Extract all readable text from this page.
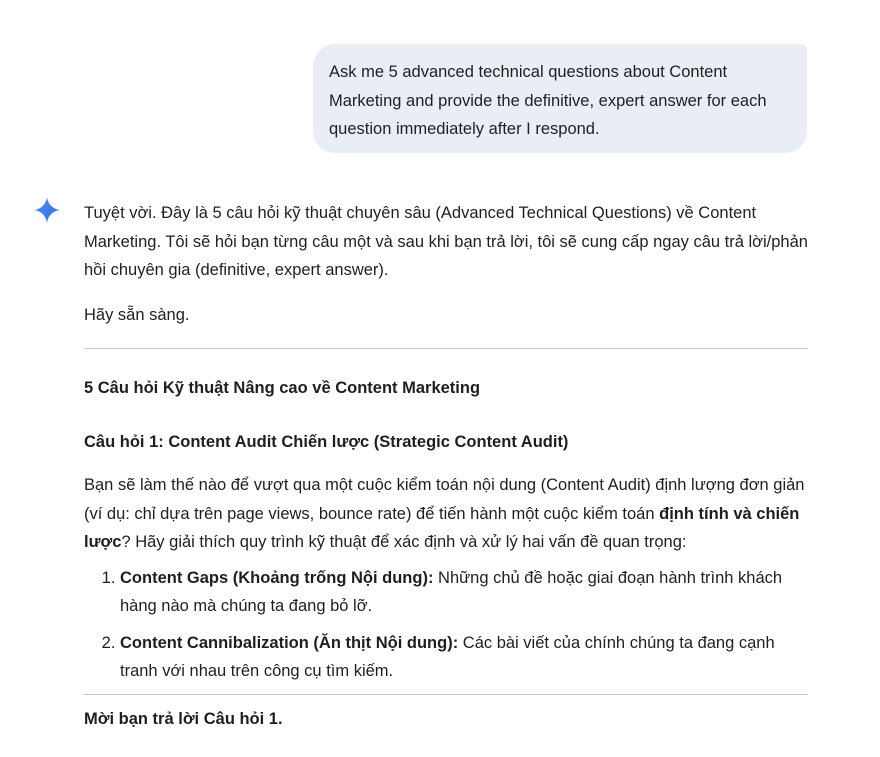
Ask me 5 advanced technical questions about Content Marketing and provide the definitive, expert answer for each question immediately after I respond.

Tuyệt vời. Đây là 5 câu hỏi kỹ thuật chuyên sâu (Advanced Technical Questions) về Content Marketing. Tôi sẽ hỏi bạn từng câu một và sau khi bạn trả lời, tôi sẽ cung cấp ngay câu trả lời/phản hồi chuyên gia (definitive, expert answer).

Hãy sẵn sàng.

5 Câu hỏi Kỹ thuật Nâng cao về Content Marketing

Câu hỏi 1: Content Audit Chiến lược (Strategic Content Audit)

Bạn sẽ làm thế nào để vượt qua một cuộc kiểm toán nội dung (Content Audit) định lượng đơn giản (ví dụ: chỉ dựa trên page views, bounce rate) để tiến hành một cuộc kiểm toán định tính và chiến lược? Hãy giải thích quy trình kỹ thuật để xác định và xử lý hai vấn đề quan trọng:

1. Content Gaps (Khoảng trống Nội dung): Những chủ đề hoặc giai đoạn hành trình khách hàng nào mà chúng ta đang bỏ lỡ.
2. Content Cannibalization (Ăn thịt Nội dung): Các bài viết của chính chúng ta đang cạnh tranh với nhau trên công cụ tìm kiếm.

Mời bạn trả lời Câu hỏi 1.
